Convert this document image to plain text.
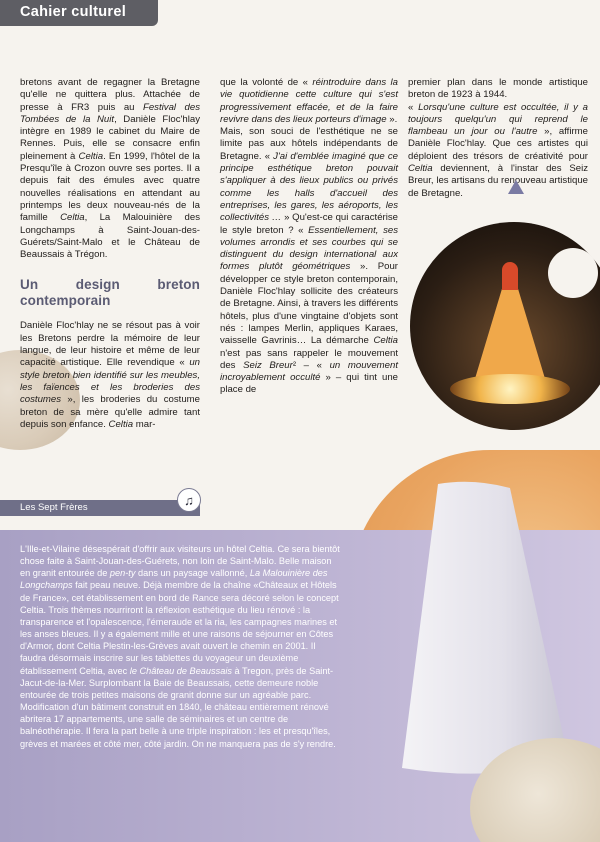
Cahier culturel

bretons avant de regagner la Bretagne qu'elle ne quittera plus. Attachée de presse à FR3 puis au Festival des Tombées de la Nuit, Danièle Floc'hlay intègre en 1989 le cabinet du Maire de Rennes. Puis, elle se consacre enfin pleinement à Celtia. En 1999, l'hôtel de la Presqu'île à Crozon ouvre ses portes. Il a depuis fait des émules avec quatre nouvelles réalisations en attendant au printemps les deux nouveau-nés de la famille Celtia, La Malouinière des Longchamps à Saint-Jouan-des-Guérets/Saint-Malo et le Château de Beaussais à Trégon.

Un design breton contemporain

Danièle Floc'hlay ne se résout pas à voir les Bretons perdre la mémoire de leur langue, de leur histoire et même de leur capacité artistique. Elle revendique « un style breton bien identifié sur les meubles, les faïences et les broderies des costumes », les broderies du costume breton de sa mère qu'elle admire tant depuis son enfance. Celtia mar-

que la volonté de « réintroduire dans la vie quotidienne cette culture qui s'est progressivement effacée, et de la faire revivre dans des lieux porteurs d'image ».

Mais, son souci de l'esthétique ne se limite pas aux hôtels indépendants de Bretagne. « J'ai d'emblée imaginé que ce principe esthétique breton pouvait s'appliquer à des lieux publics ou privés comme les halls d'accueil des entreprises, les gares, les aéroports, les collectivités … » Qu'est-ce qui caractérise le style breton ? « Essentiellement, ses volumes arrondis et ses courbes qui se distinguent du design international aux formes plutôt géométriques ». Pour développer ce style breton contemporain, Danièle Floc'hlay sollicite des créateurs de Bretagne. Ainsi, à travers les différents hôtels, plus d'une vingtaine d'objets sont nés : lampes Merlin, appliques Karaes, vaisselle Gavrinis… La démarche Celtia n'est pas sans rappeler le mouvement des Seiz Breur² – « un mouvement incroyablement occulté » – qui tint une place de

premier plan dans le monde artistique breton de 1923 à 1944.

« Lorsqu'une culture est occultée, il y a toujours quelqu'un qui reprend le flambeau un jour ou l'autre », affirme Danièle Floc'hlay. Que ces artistes qui déploient des trésors de créativité pour Celtia deviennent, à l'instar des Seiz Breur, les artisans du renouveau artistique de Bretagne.

Les Sept Frères	♫
L'Ille-et-Vilaine désespérait d'offrir aux visiteurs un hôtel Celtia. Ce sera bientôt chose faite à Saint-Jouan-des-Guérets, non loin de Saint-Malo. Belle maison en granit entourée de pen-ty dans un paysage vallonné, La Malouinière des Longchamps fait peau neuve. Déjà membre de la chaîne «Châteaux et Hôtels de France», cet établissement en bord de Rance sera décoré selon le concept Celtia. Trois thèmes nourriront la réflexion esthétique du lieu rénové : la transparence et l'opalescence, l'émeraude et la ria, les campagnes marines et les anses bleues. Il y a également mille et une raisons de séjourner en Côtes d'Armor, dont Celtia Plestin-les-Grèves avait ouvert le chemin en 2001. Il faudra désormais inscrire sur les tablettes du voyageur un deuxième établissement Celtia, avec le Château de Beaussais à Tregon, près de Saint-Jacut-de-la-Mer. Surplombant la Baie de Beaussais, cette demeure noble entourée de trois petites maisons de granit donne sur un agréable parc. Modification d'un bâtiment construit en 1840, le château entièrement rénové abritera 17 appartements, une salle de séminaires et un centre de balnéothérapie. Il fera la part belle à une triple inspiration : les et presqu'îles, grèves et marées et côté mer, côté jardin. On ne manquera pas de s'y rendre.
